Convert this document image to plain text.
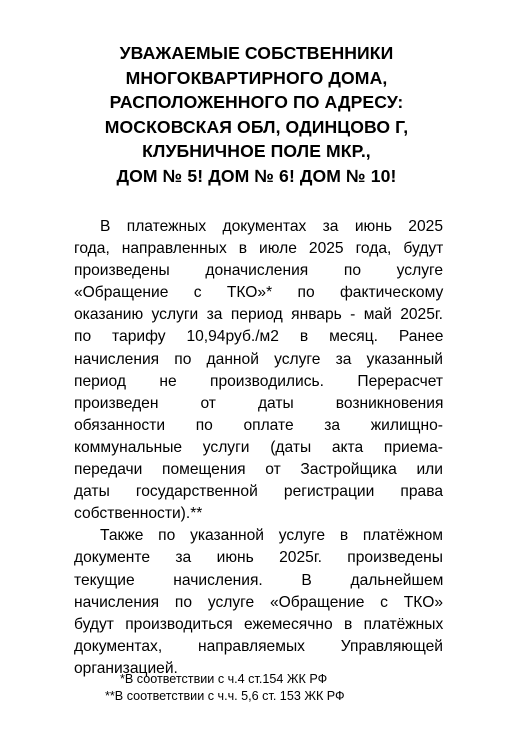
УВАЖАЕМЫЕ СОБСТВЕННИКИ
МНОГОКВАРТИРНОГО ДОМА,
РАСПОЛОЖЕННОГО ПО АДРЕСУ:
МОСКОВСКАЯ ОБЛ, ОДИНЦОВО Г,
КЛУБНИЧНОЕ ПОЛЕ МКР.,
ДОМ № 5! ДОМ № 6! ДОМ № 10!
В платежных документах за июнь 2025
года, направленных в июле 2025 года, будут
произведены доначисления по услуге
«Обращение с ТКО»* по фактическому
оказанию услуги за период январь - май 2025г.
по тарифу 10,94руб./м2 в месяц. Ранее
начисления по данной услуге за указанный
период не производились. Перерасчет
произведен от даты возникновения
обязанности по оплате за жилищно-
коммунальные услуги (даты акта приема-
передачи помещения от Застройщика или
даты государственной регистрации права
собственности).**
Также по указанной услуге в платёжном
документе за июнь 2025г. произведены
текущие начисления. В дальнейшем
начисления по услуге «Обращение с ТКО»
будут производиться ежемесячно в платёжных
документах, направляемых Управляющей
организацией.
*В соответствии с ч.4 ст.154 ЖК РФ
**В соответствии с ч.ч. 5,6 ст. 153 ЖК РФ
